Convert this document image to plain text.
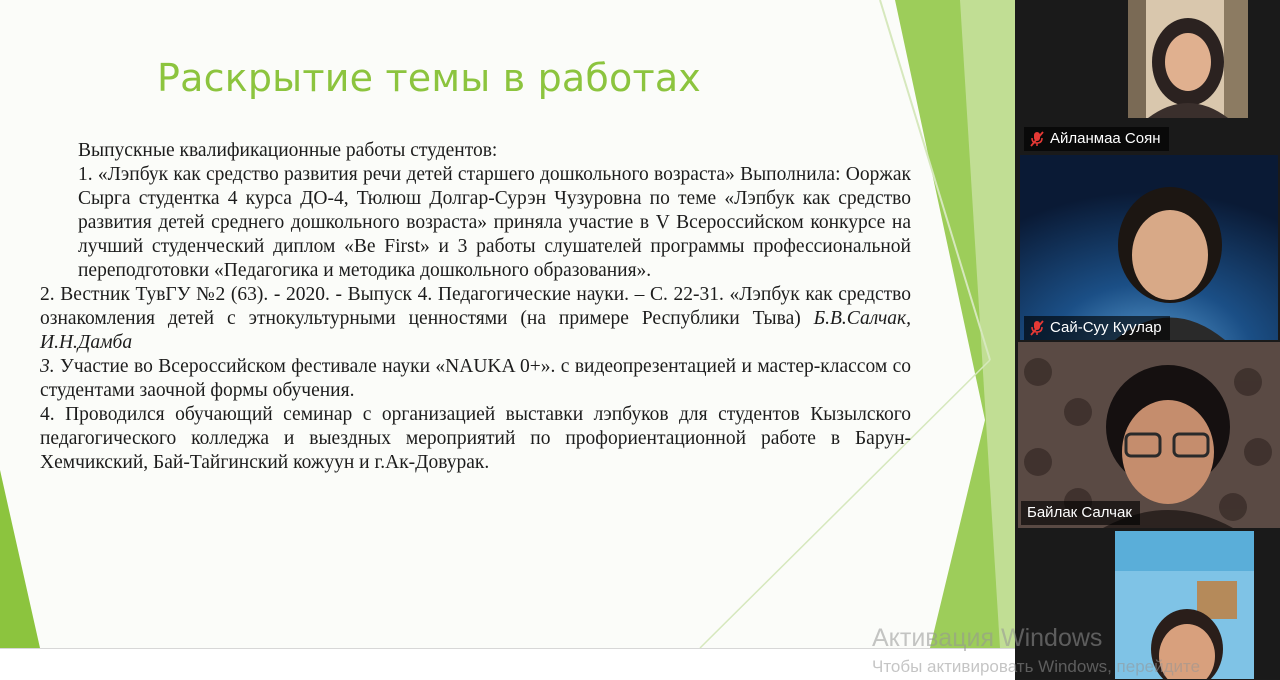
Раскрытие темы в работах

Выпускные квалификационные работы студентов:

1. «Лэпбук как средство развития речи детей старшего дошкольного возраста» Выполнила: Ооржак Сырга студентка 4 курса ДО-4, Тюлюш Долгар-Сурэн Чузуровна по теме «Лэпбук как средство развития детей среднего дошкольного возраста» приняла участие в V Всероссийском конкурсе на лучший студенческий диплом «Be First» и 3 работы слушателей программы профессиональной переподготовки «Педагогика и методика дошкольного образования».

2. Вестник ТувГУ №2 (63). - 2020. - Выпуск 4. Педагогические науки. – С. 22-31. «Лэпбук как средство ознакомления детей с этнокультурными ценностями (на примере Республики Тыва) Б.В.Салчак, И.Н.Дамба

3. Участие во Всероссийском фестивале науки «NAUKA 0+». с видеопрезентацией и мастер-классом со студентами заочной формы обучения.

4. Проводился обучающий семинар с организацией выставки лэпбуков для студентов Кызылского педагогического колледжа и выездных мероприятий по профориентационной работе в Барун-Хемчикский, Бай-Тайгинский кожуун и г.Ак-Довурак.

Айланмаа Соян
Сай-Суу Куулар
Байлак Салчак
Активация Windows
Чтобы активировать Windows, перейдите
